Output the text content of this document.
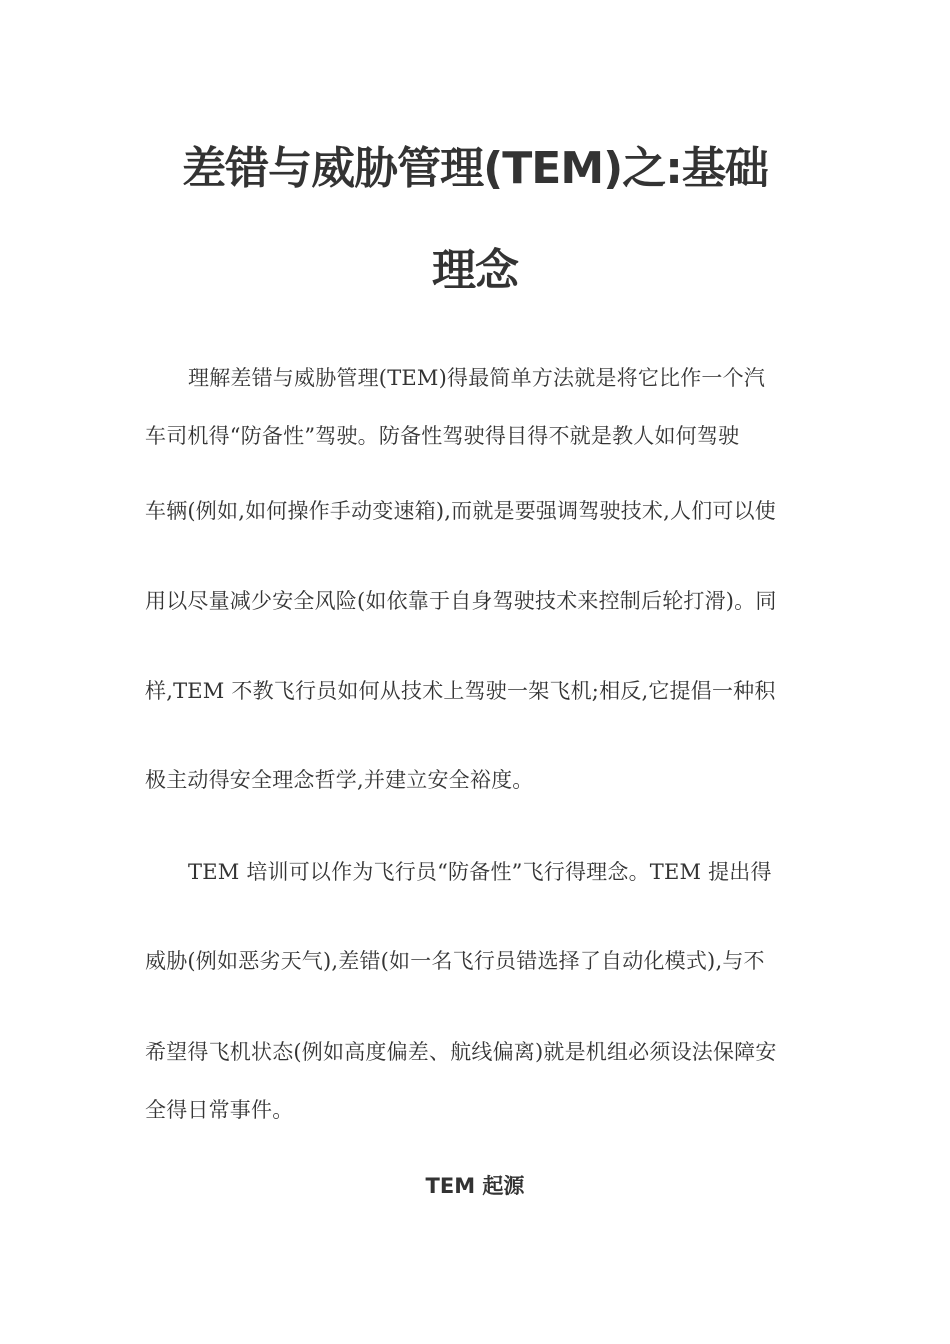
差错与威胁管理(TEM)之:基础
理念
理解差错与威胁管理(TEM)得最简单方法就是将它比作一个汽
车司机得“防备性”驾驶。防备性驾驶得目得不就是教人如何驾驶
车辆(例如,如何操作手动变速箱),而就是要强调驾驶技术,人们可以使
用以尽量减少安全风险(如依靠于自身驾驶技术来控制后轮打滑)。同
样,TEM 不教飞行员如何从技术上驾驶一架飞机;相反,它提倡一种积
极主动得安全理念哲学,并建立安全裕度。
TEM 培训可以作为飞行员“防备性”飞行得理念。TEM 提出得
威胁(例如恶劣天气),差错(如一名飞行员错选择了自动化模式),与不
希望得飞机状态(例如高度偏差、航线偏离)就是机组必须设法保障安
全得日常事件。
TEM 起源
